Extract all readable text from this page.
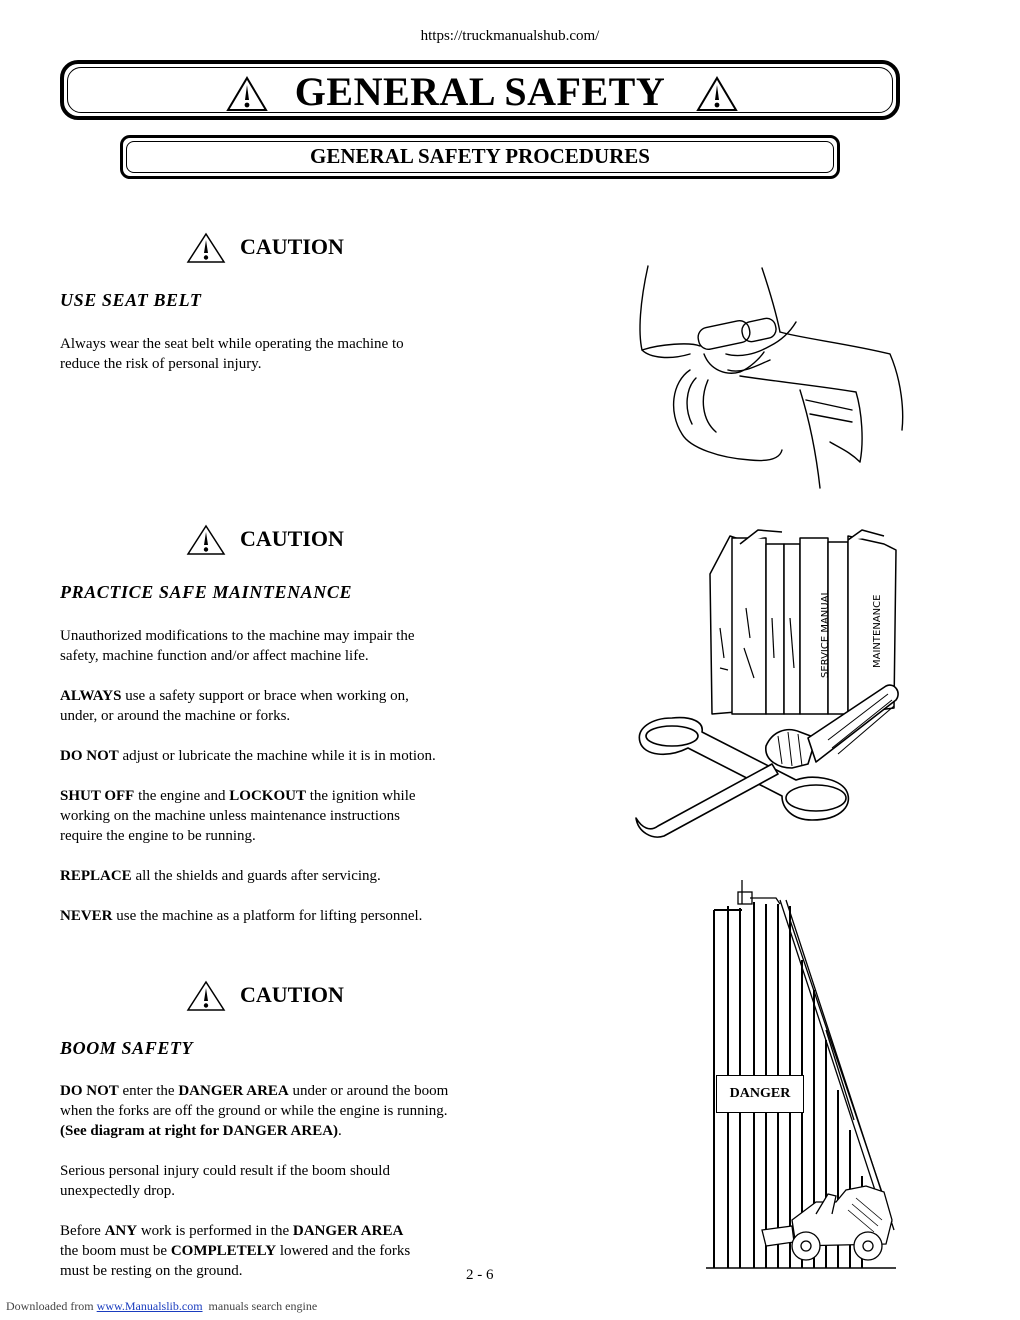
https://truckmanualshub.com/
GENERAL SAFETY
GENERAL SAFETY PROCEDURES
CAUTION
USE SEAT BELT

Always wear the seat belt while operating the machine to

reduce the risk of personal injury.

CAUTION
PRACTICE SAFE MAINTENANCE

Unauthorized modifications to the machine may impair the

safety, machine function and/or affect machine life.

ALWAYS use a safety support or brace when working on,

under, or around the machine or forks.

DO NOT adjust or lubricate the machine while it is in motion.

SHUT OFF the engine and LOCKOUT the ignition while

working on the machine unless maintenance instructions

require the engine to be running.

REPLACE all the shields and guards after servicing.

NEVER use the machine as a platform for lifting personnel.

CAUTION
BOOM SAFETY

DO NOT enter the DANGER AREA under or around the boom

when the forks are off the ground or while the engine is running.

(See diagram at right for DANGER AREA).

Serious personal injury could result if the boom should

unexpectedly drop.

Before ANY work is performed in the DANGER AREA

the boom must be COMPLETELY lowered and the forks

must be resting on the ground.

SERVICE MANUAL	MAINTENANCE
DANGER
2 - 6
Downloaded from www.Manualslib.com  manuals search engine
